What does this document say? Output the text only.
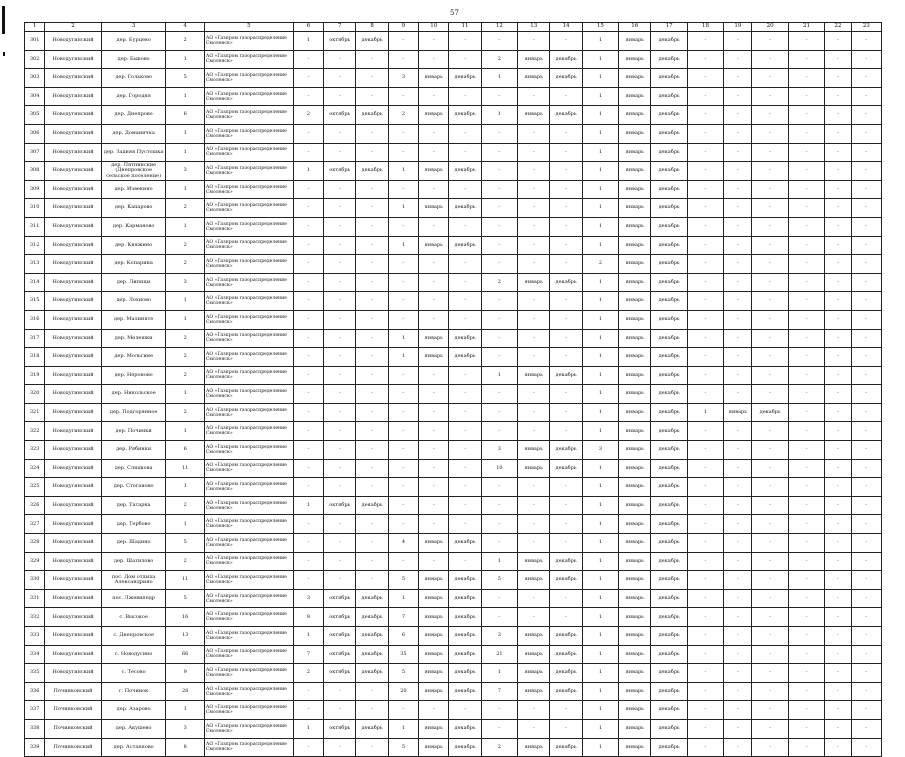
57
1	2	3	4	5	6	7	8	9	10	11	12	13	14	15	16	17	18	19	20	21	22	23
301	Новодугинский	дер. Бурцево	2	АО «Газпром газораспределение Смоленск»	1	октябрь	декабрь	-	-	-	-	-	-	1	январь	декабрь	-	-	-	-	-	-
302	Новодугинский	дер. Быково	1	АО «Газпром газораспределение Смоленск»	-	-	-	-	-	-	2	январь	декабрь	1	январь	декабрь	-	-	-	-	-	-
303	Новодугинский	дер. Гольково	5	АО «Газпром газораспределение Смоленск»	-	-	-	3	январь	декабрь	1	январь	декабрь	1	январь	декабрь	-	-	-	-	-	-
304	Новодугинский	дер. Городня	1	АО «Газпром газораспределение Смоленск»	-	-	-	-	-	-	-	-	-	1	январь	декабрь	-	-	-	-	-	-
305	Новодугинский	дер. Днепрово	6	АО «Газпром газораспределение Смоленск»	2	октябрь	декабрь	2	январь	декабрь	1	январь	декабрь	1	январь	декабрь	-	-	-	-	-	-
306	Новодугинский	дер. Доманичка	1	АО «Газпром газораспределение Смоленск»	-	-	-	-	-	-	-	-	-	1	январь	декабрь	-	-	-	-	-	-
307	Новодугинский	дер. Задняя Пустошка	1	АО «Газпром газораспределение Смоленск»	-	-	-	-	-	-	-	-	-	1	январь	декабрь	-	-	-	-	-	-
308	Новодугинский	дер. Пятпинские (Днепровское сельское поселение)	3	АО «Газпром газораспределение Смоленск»	1	октябрь	декабрь	1	январь	декабрь	-	-	-	1	январь	декабрь	-	-	-	-	-	-
309	Новодугинский	дер. Извекино	1	АО «Газпром газораспределение Смоленск»	-	-	-	-	-	-	-	-	-	1	январь	декабрь	-	-	-	-	-	-
310	Новодугинский	дер. Капарово	2	АО «Газпром газораспределение Смоленск»	-	-	-	1	январь	декабрь	-	-	-	1	январь	декабрь	-	-	-	-	-	-
311	Новодугинский	дер. Карманово	1	АО «Газпром газораспределение Смоленск»	-	-	-	-	-	-	-	-	-	1	январь	декабрь	-	-	-	-	-	-
312	Новодугинский	дер. Княжино	2	АО «Газпром газораспределение Смоленск»	-	-	-	1	январь	декабрь	-	-	-	1	январь	декабрь	-	-	-	-	-	-
313	Новодугинский	дер. Копарина	2	АО «Газпром газораспределение Смоленск»	-	-	-	-	-	-	-	-	-	2	январь	декабрь	-	-	-	-	-	-
314	Новодугинский	дер. Липицы	3	АО «Газпром газораспределение Смоленск»	-	-	-	-	-	-	2	январь	декабрь	1	январь	декабрь	-	-	-	-	-	-
315	Новодугинский	дер. Лохново	1	АО «Газпром газораспределение Смоленск»	-	-	-	-	-	-	-	-	-	1	январь	декабрь	-	-	-	-	-	-
316	Новодугинский	дер. Малиняте	1	АО «Газпром газораспределение Смоленск»	-	-	-	-	-	-	-	-	-	1	январь	декабрь	-	-	-	-	-	-
317	Новодугинский	дер. Мелешки	2	АО «Газпром газораспределение Смоленск»	-	-	-	1	январь	декабрь	-	-	-	1	январь	декабрь	-	-	-	-	-	-
318	Новодугинский	дер. Мольгине	2	АО «Газпром газораспределение Смоленск»	-	-	-	1	январь	декабрь	-	-	-	1	январь	декабрь	-	-	-	-	-	-
319	Новодугинский	дер. Нероново	2	АО «Газпром газораспределение Смоленск»	-	-	-	-	-	-	1	январь	декабрь	1	январь	декабрь	-	-	-	-	-	-
320	Новодугинский	дер. Никольское	1	АО «Газпром газораспределение Смоленск»	-	-	-	-	-	-	-	-	-	1	январь	декабрь	-	-	-	-	-	-
321	Новодугинский	дер. Подгорянное	2	АО «Газпром газораспределение Смоленск»	-	-	-	-	-	-	-	-	-	1	январь	декабрь	1	январь	декабрь	-	-	-
322	Новодугинский	дер. Починки	1	АО «Газпром газораспределение Смоленск»	-	-	-	-	-	-	-	-	-	1	январь	декабрь	-	-	-	-	-	-
323	Новодугинский	дер. Рябинки	6	АО «Газпром газораспределение Смоленск»	-	-	-	-	-	-	3	январь	декабрь	3	январь	декабрь	-	-	-	-	-	-
324	Новодугинский	дер. Сляцкова	11	АО «Газпром газораспределение Смоленск»	-	-	-	-	-	-	10	январь	декабрь	1	январь	декабрь	-	-	-	-	-	-
325	Новодугинский	дер. Стоганово	1	АО «Газпром газораспределение Смоленск»	-	-	-	-	-	-	-	-	-	1	январь	декабрь	-	-	-	-	-	-
326	Новодугинский	дер. Татарка	2	АО «Газпром газораспределение Смоленск»	1	октябрь	декабрь	-	-	-	-	-	-	1	январь	декабрь	-	-	-	-	-	-
327	Новодугинский	дер. Тербово	1	АО «Газпром газораспределение Смоленск»	-	-	-	-	-	-	-	-	-	1	январь	декабрь	-	-	-	-	-	-
328	Новодугинский	дер. Шадино	5	АО «Газпром газораспределение Смоленск»	-	-	-	4	январь	декабрь	-	-	-	1	январь	декабрь	-	-	-	-	-	-
329	Новодугинский	дер. Шатилово	2	АО «Газпром газораспределение Смоленск»	-	-	-	-	-	-	1	январь	декабрь	1	январь	декабрь	-	-	-	-	-	-
330	Новодугинский	пос. Дом отдыха Александрино	11	АО «Газпром газораспределение Смоленск»	-	-	-	5	январь	декабрь	5	январь	декабрь	1	январь	декабрь	-	-	-	-	-	-
331	Новодугинский	пос. Лжевипедр	5	АО «Газпром газораспределение Смоленск»	3	октябрь	декабрь	1	январь	декабрь	-	-	-	1	январь	декабрь	-	-	-	-	-	-
332	Новодугинский	с. Высокое	16	АО «Газпром газораспределение Смоленск»	8	октябрь	декабрь	7	январь	декабрь	-	-	-	1	январь	декабрь	-	-	-	-	-	-
333	Новодугинский	с. Днепровское	13	АО «Газпром газораспределение Смоленск»	1	октябрь	декабрь	6	январь	декабрь	3	январь	декабрь	1	январь	декабрь	-	-	-	-	-	-
334	Новодугинский	с. Новодугино	66	АО «Газпром газораспределение Смоленск»	7	октябрь	декабрь	35	январь	декабрь	21	январь	декабрь	1	январь	декабрь	-	-	-	-	-	-
335	Новодугинский	с. Тесово	9	АО «Газпром газораспределение Смоленск»	2	октябрь	декабрь	5	январь	декабрь	1	январь	декабрь	1	январь	декабрь	-	-	-	-	-	-
336	Починковский	г. Починок	28	АО «Газпром газораспределение Смоленск»	-	-	-	20	январь	декабрь	7	январь	декабрь	1	январь	декабрь	-	-	-	-	-	-
337	Починковский	дер. Азарово	1	АО «Газпром газораспределение Смоленск»	-	-	-	-	-	-	-	-	-	1	январь	декабрь	-	-	-	-	-	-
338	Починковский	дер. Акушево	3	АО «Газпром газораспределение Смоленск»	1	октябрь	декабрь	1	январь	декабрь	-	-	-	1	январь	декабрь	-	-	-	-	-	-
339	Починковский	дер. Астапково	8	АО «Газпром газораспределение Смоленск»	-	-	-	5	январь	декабрь	2	январь	декабрь	1	январь	декабрь	-	-	-	-	-	-
